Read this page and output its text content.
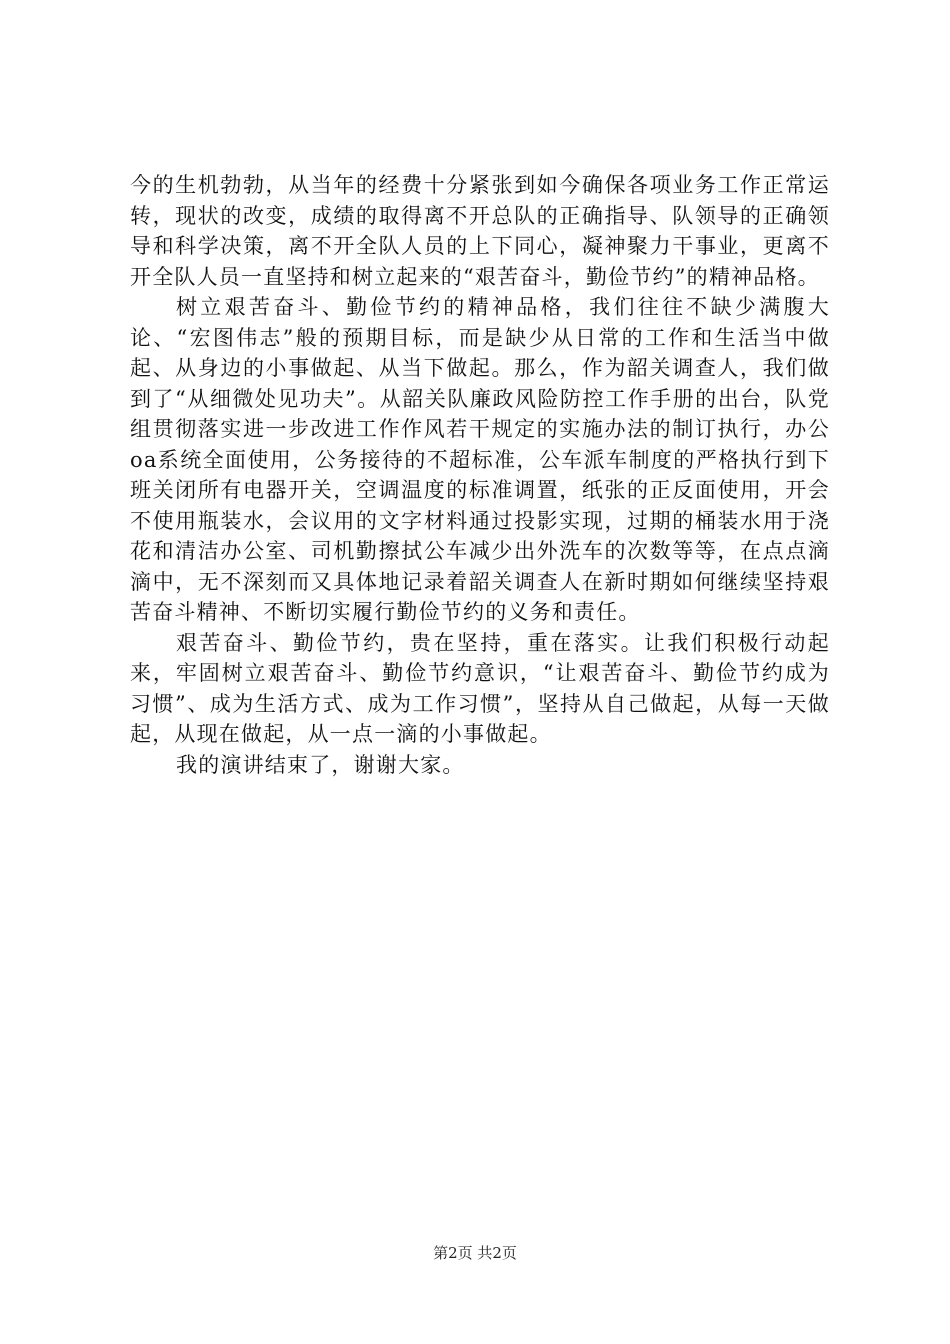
今的生机勃勃，从当年的经费十分紧张到如今确保各项业务工作正常运转，现状的改变，成绩的取得离不开总队的正确指导、队领导的正确领导和科学决策，离不开全队人员的上下同心，凝神聚力干事业，更离不开全队人员一直坚持和树立起来的“艰苦奋斗，勤俭节约”的精神品格。

树立艰苦奋斗、勤俭节约的精神品格，我们往往不缺少满腹大论、“宏图伟志”般的预期目标，而是缺少从日常的工作和生活当中做起、从身边的小事做起、从当下做起。那么，作为韶关调查人，我们做到了“从细微处见功夫”。从韶关队廉政风险防控工作手册的出台，队党组贯彻落实进一步改进工作作风若干规定的实施办法的制订执行，办公oa系统全面使用，公务接待的不超标准，公车派车制度的严格执行到下班关闭所有电器开关，空调温度的标准调置，纸张的正反面使用，开会不使用瓶装水，会议用的文字材料通过投影实现，过期的桶装水用于浇花和清洁办公室、司机勤擦拭公车减少出外洗车的次数等等，在点点滴滴中，无不深刻而又具体地记录着韶关调查人在新时期如何继续坚持艰苦奋斗精神、不断切实履行勤俭节约的义务和责任。

艰苦奋斗、勤俭节约，贵在坚持，重在落实。让我们积极行动起来，牢固树立艰苦奋斗、勤俭节约意识，“让艰苦奋斗、勤俭节约成为习惯”、成为生活方式、成为工作习惯”，坚持从自己做起，从每一天做起，从现在做起，从一点一滴的小事做起。

我的演讲结束了，谢谢大家。

第2页 共2页
